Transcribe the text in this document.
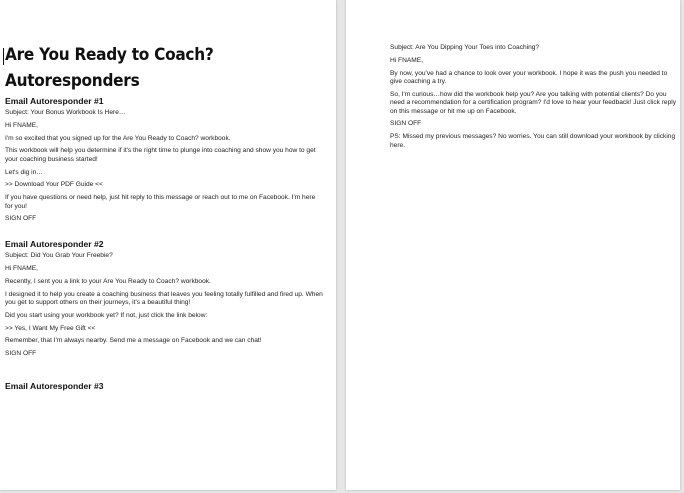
Are You Ready to Coach?
Autoresponders
Email Autoresponder #1

Subject: Your Bonus Workbook Is Here…

Hi FNAME,

I'm so excited that you signed up for the Are You Ready to Coach? workbook.

This workbook will help you determine if it's the right time to plunge into coaching and show you how to get your coaching business started!

Let's dig in…

>> Download Your PDF Guide <<

If you have questions or need help, just hit reply to this message or reach out to me on Facebook. I'm here for you!

SIGN OFF

Email Autoresponder #2

Subject: Did You Grab Your Freebie?

Hi FNAME,

Recently, I sent you a link to your Are You Ready to Coach? workbook.

I designed it to help you create a coaching business that leaves you feeling totally fulfilled and fired up. When you get to support others on their journeys, it's a beautiful thing!

Did you start using your workbook yet? If not, just click the link below:

>> Yes, I Want My Free Gift <<

Remember, that I'm always nearby. Send me a message on Facebook and we can chat!

SIGN OFF

Email Autoresponder #3

Subject: Are You Dipping Your Toes into Coaching?

Hi FNAME,

By now, you've had a chance to look over your workbook. I hope it was the push you needed to give coaching a try.

So, I'm curious…how did the workbook help you? Are you talking with potential clients? Do you need a recommendation for a certification program? I'd love to hear your feedback! Just click reply on this message or hit me up on Facebook.

SIGN OFF

PS: Missed my previous messages? No worries. You can still download your workbook by clicking here.
